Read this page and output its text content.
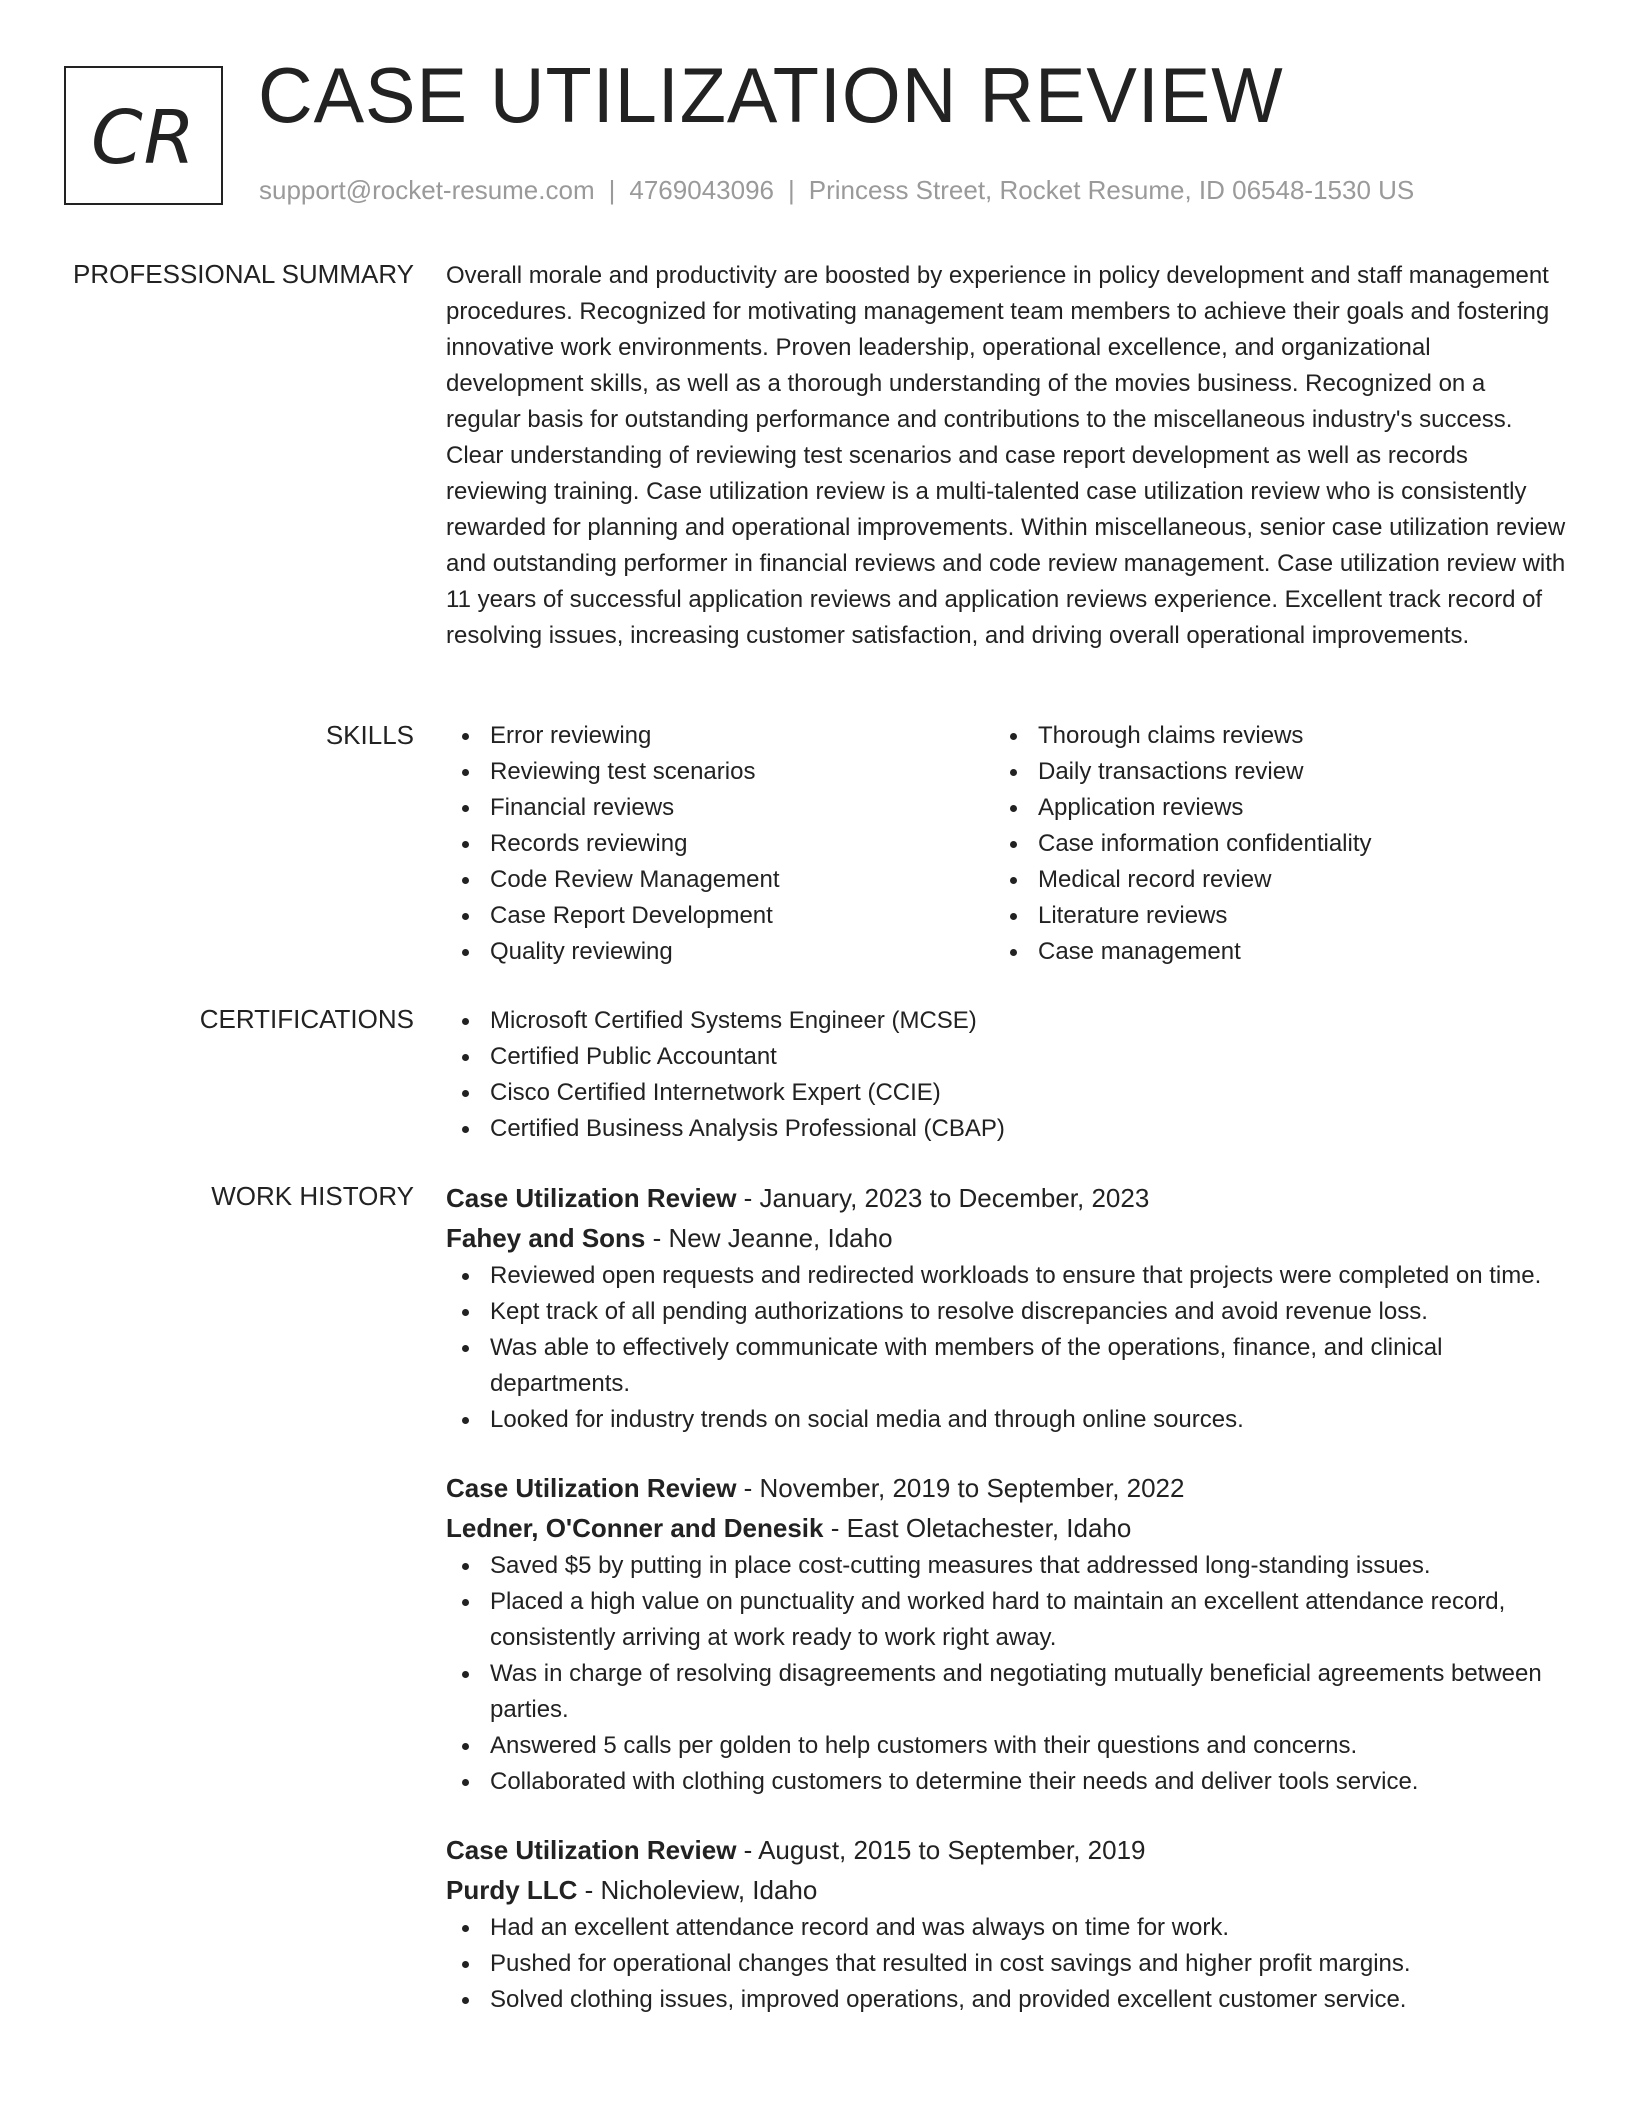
CR CASE UTILIZATION REVIEW
support@rocket-resume.com | 4769043096 | Princess Street, Rocket Resume, ID 06548-1530 US
PROFESSIONAL SUMMARY Overall morale and productivity are boosted by experience in policy development and staff management procedures. Recognized for motivating management team members to achieve their goals and fostering innovative work environments. Proven leadership, operational excellence, and organizational development skills, as well as a thorough understanding of the movies business. Recognized on a regular basis for outstanding performance and contributions to the miscellaneous industry's success. Clear understanding of reviewing test scenarios and case report development as well as records reviewing training. Case utilization review is a multi-talented case utilization review who is consistently rewarded for planning and operational improvements. Within miscellaneous, senior case utilization review and outstanding performer in financial reviews and code review management. Case utilization review with 11 years of successful application reviews and application reviews experience. Excellent track record of resolving issues, increasing customer satisfaction, and driving overall operational improvements.

SKILLS	Error reviewing
Reviewing test scenarios
Financial reviews
Records reviewing
Code Review Management
Case Report Development
Quality reviewing
Thorough claims reviews
Daily transactions review
Application reviews
Case information confidentiality
Medical record review
Literature reviews
Case management
CERTIFICATIONS	Microsoft Certified Systems Engineer (MCSE)
Certified Public Accountant
Cisco Certified Internetwork Expert (CCIE)
Certified Business Analysis Professional (CBAP)
WORK HISTORY Case Utilization Review - January, 2023 to December, 2023
Fahey and Sons - New Jeanne, Idaho
Reviewed open requests and redirected workloads to ensure that projects were completed on time.
Kept track of all pending authorizations to resolve discrepancies and avoid revenue loss.
Was able to effectively communicate with members of the operations, finance, and clinical departments.
Looked for industry trends on social media and through online sources.
Case Utilization Review - November, 2019 to September, 2022
Ledner, O'Conner and Denesik - East Oletachester, Idaho
Saved $5 by putting in place cost-cutting measures that addressed long-standing issues.
Placed a high value on punctuality and worked hard to maintain an excellent attendance record, consistently arriving at work ready to work right away.
Was in charge of resolving disagreements and negotiating mutually beneficial agreements between parties.
Answered 5 calls per golden to help customers with their questions and concerns.
Collaborated with clothing customers to determine their needs and deliver tools service.
Case Utilization Review - August, 2015 to September, 2019
Purdy LLC - Nicholeview, Idaho
Had an excellent attendance record and was always on time for work.
Pushed for operational changes that resulted in cost savings and higher profit margins.
Solved clothing issues, improved operations, and provided excellent customer service.
